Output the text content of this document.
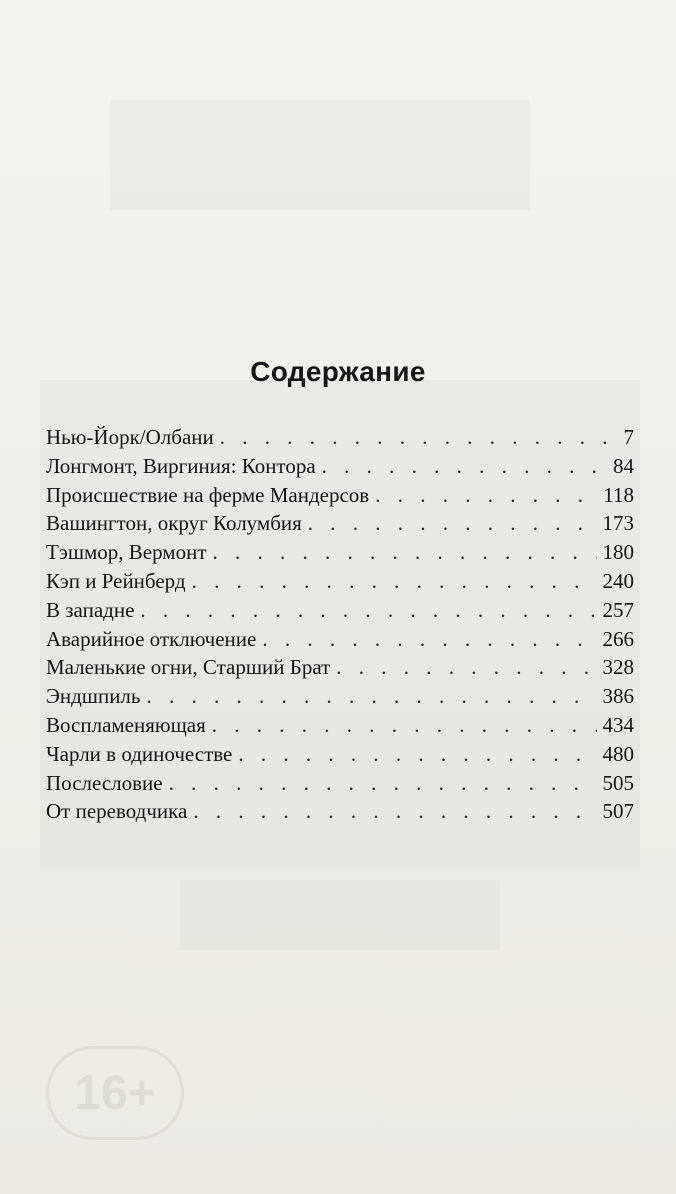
Содержание
Нью-Йорк/Олбани . . .	7
Лонгмонт, Виргиния: Контора . . .	84
Происшествие на ферме Мандерсов . . .	118
Вашингтон, округ Колумбия . . .	173
Тэшмор, Вермонт . . .	180
Кэп и Рейнберд . . .	240
В западне . . .	257
Аварийное отключение . . .	266
Маленькие огни, Старший Брат . . .	328
Эндшпиль . . .	386
Воспламеняющая . . .	434
Чарли в одиночестве . . .	480
Послесловие . . .	505
От переводчика . . .	507
16+
